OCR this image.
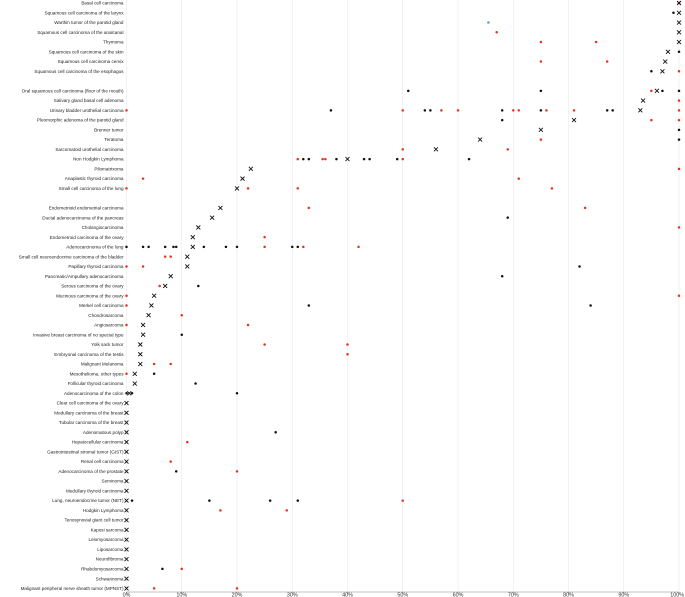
Basal cell carcinoma
Squamous cell carcinoma of the larynx
Warthin tumor of the parotid gland
Squamous cell carcinoma of the analcanal
Thymoma
Squamous cell carcinoma of the skin
Squamous cell carcinoma cervix
Squamous cell carcinoma of the esophagus
Oral squamous cell carcinoma (floor of the mouth)
Salivary gland basal cell adenoma
Urinary bladder urothelial carcinoma
Pleomorphic adenoma of the parotid gland
Brenner tumor
Teratoma
Sarcomatoid urothelial carcinoma
Non Hodgkin Lymphoma
Pilomatrixoma
Anaplastic thyroid carcinoma
Small cell carcinoma of the lung
Endometrioid endometrial carcinoma
Ductal adenocarcinoma of the pancreas
Cholangiocarcinoma
Endometroid carcinoma of the ovary
Adenocarcinoma of the lung
Small cell neuroendocrine carcinoma of the bladder
Papillary thyroid carcinoma
Pancreatic/Ampullary adenocarcinoma
Serous carcinoma of the ovary
Mucinous carcinoma of the ovary
Merkel cell carcinoma
Chondrosarcoma
Angiosarcoma
Invasive breast carcinoma of no special type
Yolk sack tumor
Embryonal carcinoma of the testis
Malignant Melanoma
Mesothelioma, other types
Follicular thyroid carcinoma
Adenocarcinoma of the colon
Clear cell carcinoma of the ovary
Medullary carcinoma of the breast
Tubular carcinoma of the breast
Adenomatous polyp
Hepatocellular carcinoma
Gastrointestinal stromal tumor (GIST)
Renal cell carcinoma
Adenocarcinoma of the prostate
Seminoma
Medullary thyroid carcinoma
Lung, neuroendocrine tumor (NET)
Hodgkin Lymphoma
Tenosynovial giant cell tumor
Kaposi sarcoma
Leiomyosarcoma
Liposarcoma
Neurofibroma
Rhabdomyosarcoma
Schwannoma
Malignant peripheral nerve sheath tumor (MPNST)
0%	10%	20%	30%	40%	50%	60%	70%	80%	90%	100%
